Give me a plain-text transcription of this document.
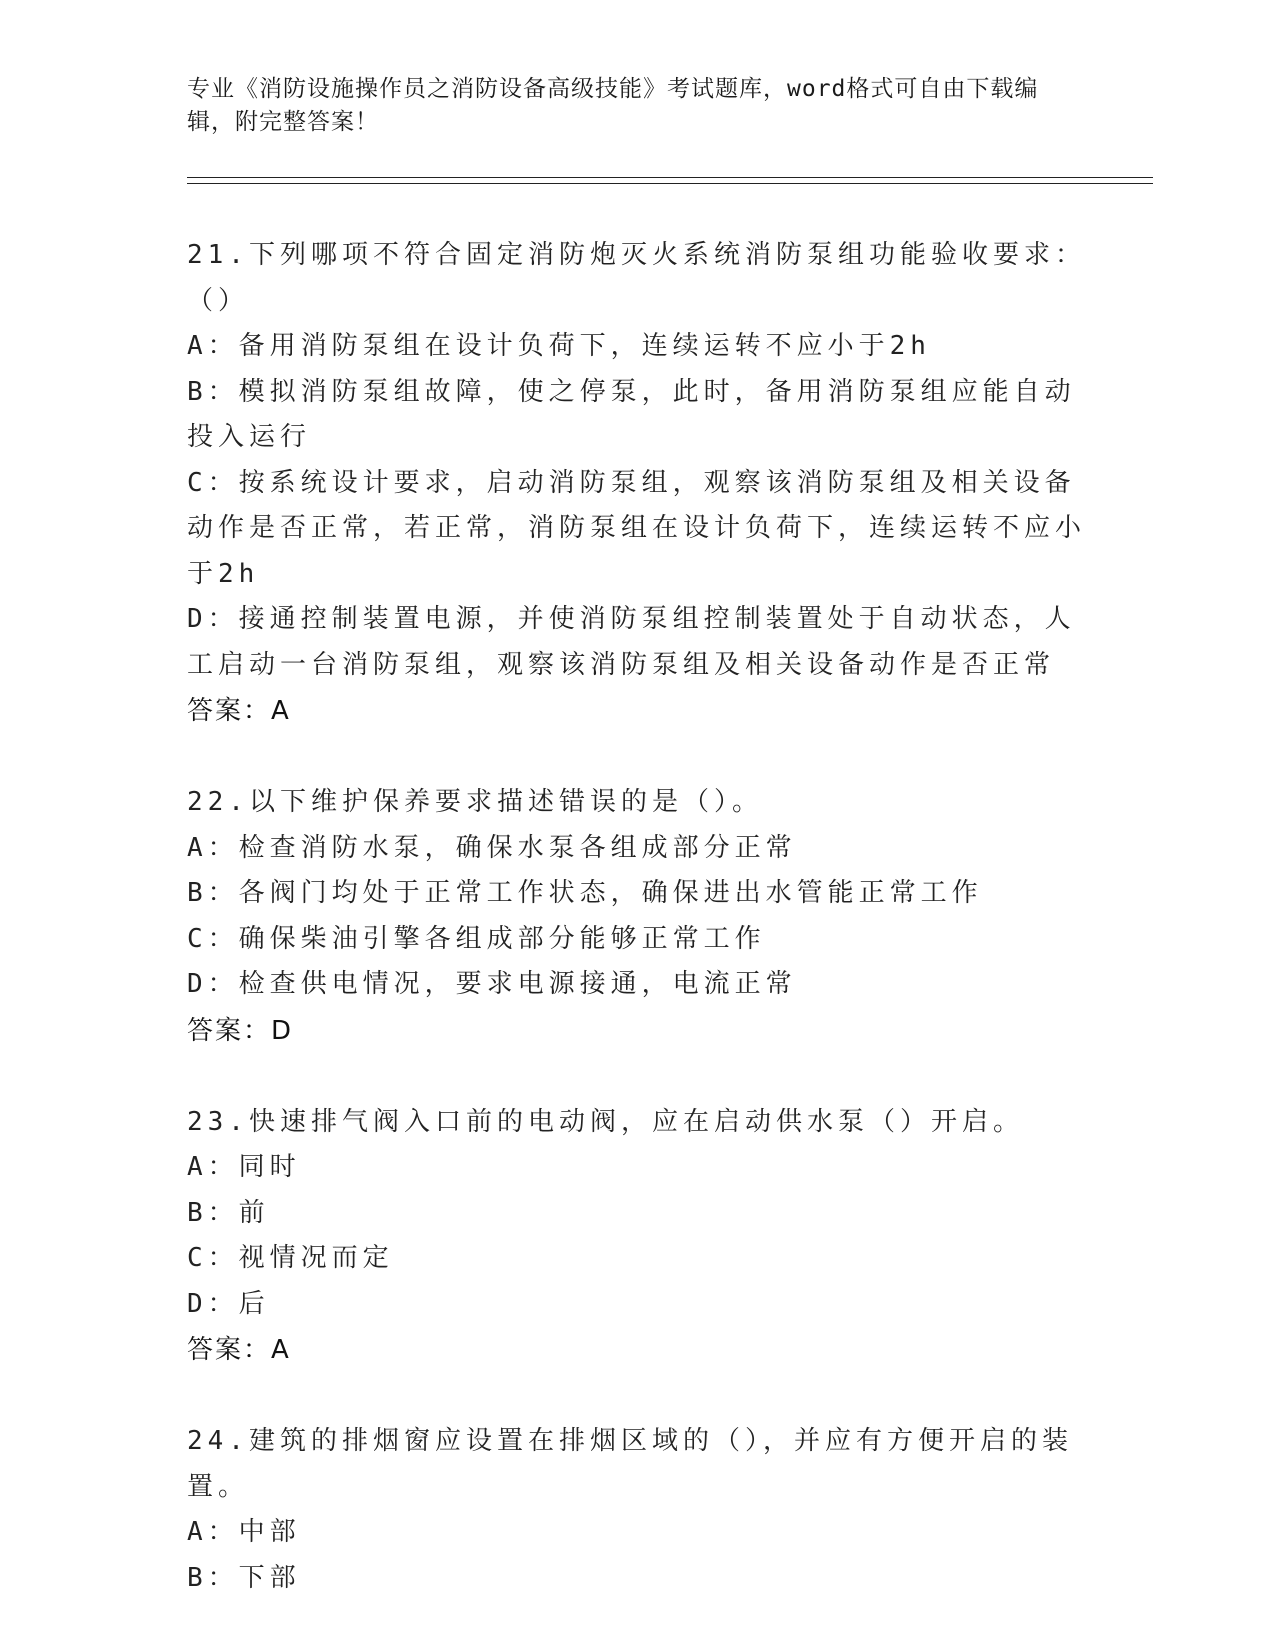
专业《消防设施操作员之消防设备高级技能》考试题库，word格式可自由下载编辑，附完整答案！
21.下列哪项不符合固定消防炮灭火系统消防泵组功能验收要求：（）
A：备用消防泵组在设计负荷下，连续运转不应小于2h
B：模拟消防泵组故障，使之停泵，此时，备用消防泵组应能自动投入运行
C：按系统设计要求，启动消防泵组，观察该消防泵组及相关设备动作是否正常，若正常，消防泵组在设计负荷下，连续运转不应小于2h
D：接通控制装置电源，并使消防泵组控制装置处于自动状态，人工启动一台消防泵组，观察该消防泵组及相关设备动作是否正常
答案：A
22.以下维护保养要求描述错误的是（）。
A：检查消防水泵，确保水泵各组成部分正常
B：各阀门均处于正常工作状态，确保进出水管能正常工作
C：确保柴油引擎各组成部分能够正常工作
D：检查供电情况，要求电源接通，电流正常
答案：D
23.快速排气阀入口前的电动阀，应在启动供水泵（）开启。
A：同时
B：前
C：视情况而定
D：后
答案：A
24.建筑的排烟窗应设置在排烟区域的（），并应有方便开启的装置。
A：中部
B：下部
